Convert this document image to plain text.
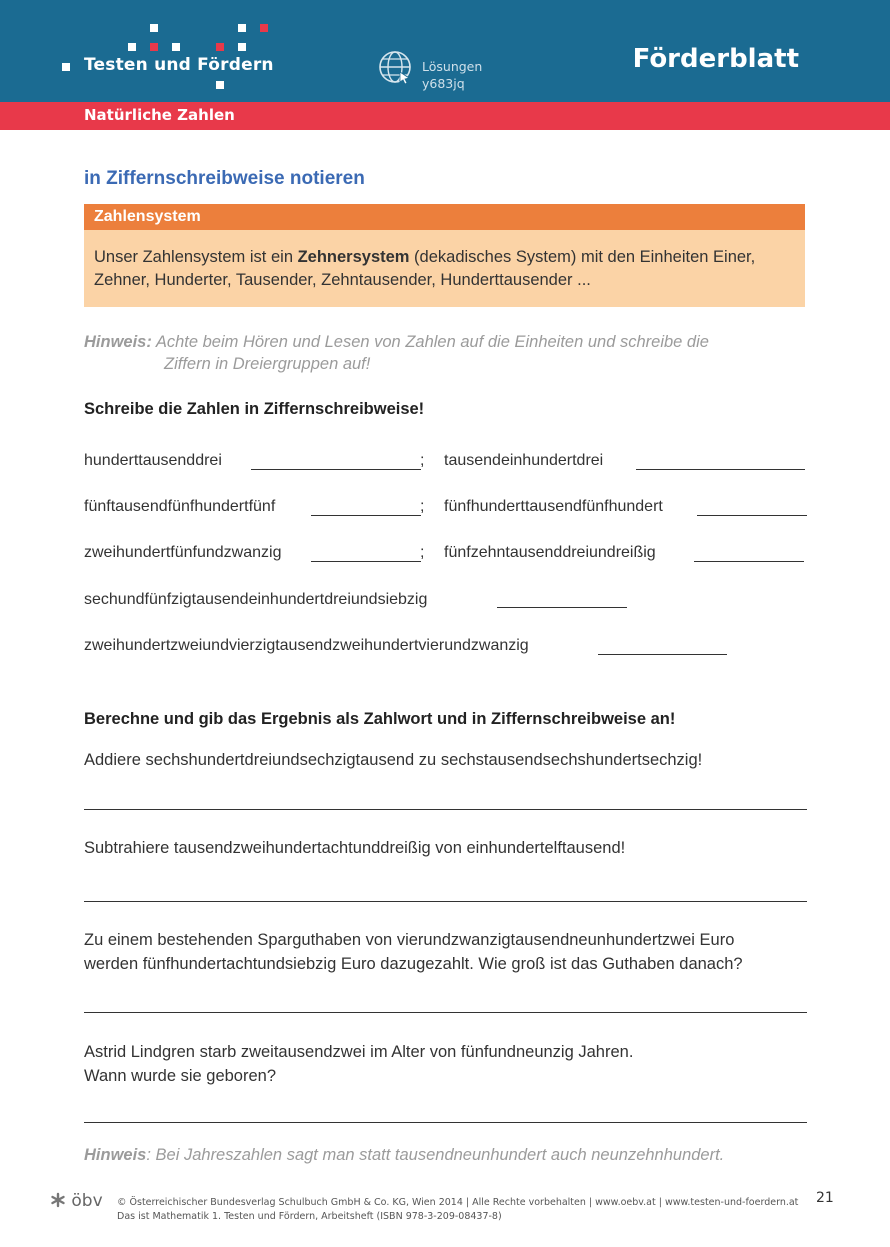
Testen und Fördern	Lösungen
y683jq
Förderblatt
Natürliche Zahlen
in Ziffernschreibweise notieren
Zahlensystem
Unser Zahlensystem ist ein Zehnersystem (dekadisches System) mit den Einheiten Einer, Zehner, Hunderter, Tausender, Zehntausender, Hunderttausender ...
Hinweis: Achte beim Hören und Lesen von Zahlen auf die Einheiten und schreibe die
Ziffern in Dreiergruppen auf!
Schreibe die Zahlen in Ziffernschreibweise!
hunderttausenddrei	; tausendeinhundertdrei
fünftausendfünfhundertfünf	; fünfhunderttausendfünfhundert
zweihundertfünfundzwanzig	; fünfzehntausenddreiundreißig
sechundfünfzigtausendeinhundertdreiundsiebzig
zweihundertzweiundvierzigtausendzweihundertvierundzwanzig
Berechne und gib das Ergebnis als Zahlwort und in Ziffernschreibweise an!
Addiere sechshundertdreiundsechzigtausend zu sechstausendsechshundertsechzig!
Subtrahiere tausendzweihundertachtunddreißig von einhundertelftausend!
Zu einem bestehenden Sparguthaben von vierundzwanzigtausendneunhundertzwei Euro
werden fünfhundertachtundsiebzig Euro dazugezahlt. Wie groß ist das Guthaben danach?
Astrid Lindgren starb zweitausendzwei im Alter von fünfundneunzig Jahren.
Wann wurde sie geboren?
Hinweis: Bei Jahreszahlen sagt man statt tausendneunhundert auch neunzehnhundert.
öbv © Österreichischer Bundesverlag Schulbuch GmbH & Co. KG, Wien 2014 | Alle Rechte vorbehalten | www.oebv.at | www.testen-und-foerdern.at
Das ist Mathematik 1. Testen und Fördern, Arbeitsheft (ISBN 978-3-209-08437-8)
21
